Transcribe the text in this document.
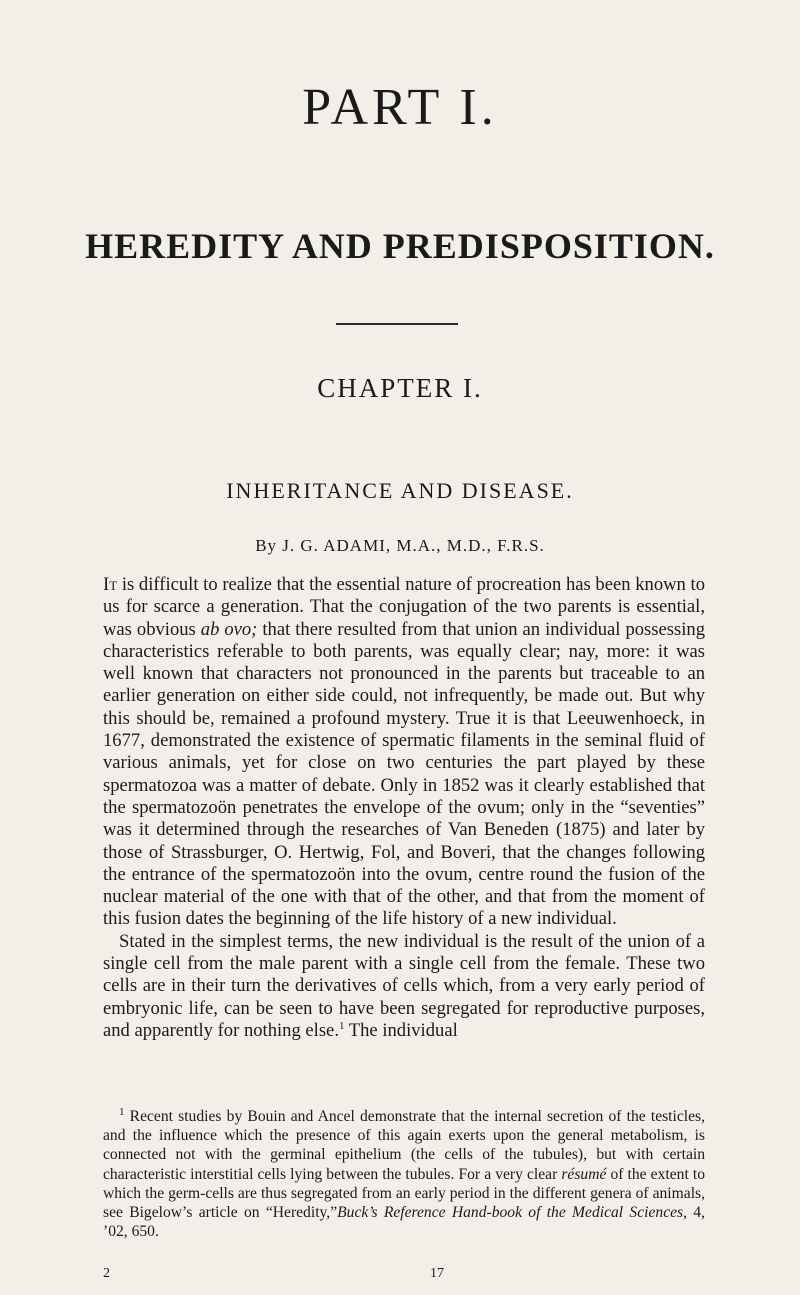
PART I.
HEREDITY AND PREDISPOSITION.
CHAPTER I.
INHERITANCE AND DISEASE.
By J. G. ADAMI, M.A., M.D., F.R.S.

It is difficult to realize that the essential nature of procreation has been known to us for scarce a generation. That the conjugation of the two parents is essential, was obvious ab ovo; that there resulted from that union an individual possessing characteristics referable to both parents, was equally clear; nay, more: it was well known that characters not pronounced in the parents but traceable to an earlier generation on either side could, not infrequently, be made out. But why this should be, remained a profound mystery. True it is that Leeuwenhoeck, in 1677, demonstrated the existence of spermatic filaments in the seminal fluid of various animals, yet for close on two centuries the part played by these spermatozoa was a matter of debate. Only in 1852 was it clearly established that the spermatozoön penetrates the envelope of the ovum; only in the “seventies” was it determined through the researches of Van Beneden (1875) and later by those of Strassburger, O. Hertwig, Fol, and Boveri, that the changes following the entrance of the spermatozoön into the ovum, centre round the fusion of the nuclear material of the one with that of the other, and that from the moment of this fusion dates the beginning of the life history of a new individual.

Stated in the simplest terms, the new individual is the result of the union of a single cell from the male parent with a single cell from the female. These two cells are in their turn the derivatives of cells which, from a very early period of embryonic life, can be seen to have been segregated for reproductive purposes, and apparently for nothing else.$^1$ The individual

$^1$ Recent studies by Bouin and Ancel demonstrate that the internal secretion of the testicles, and the influence which the presence of this again exerts upon the general metabolism, is connected not with the germinal epithelium (the cells of the tubules), but with certain characteristic interstitial cells lying between the tubules. For a very clear résumé of the extent to which the germ-cells are thus segregated from an early period in the different genera of animals, see Bigelow’s article on “Heredity,”Buck’s Reference Hand-book of the Medical Sciences, 4, ’02, 650.

2	17
